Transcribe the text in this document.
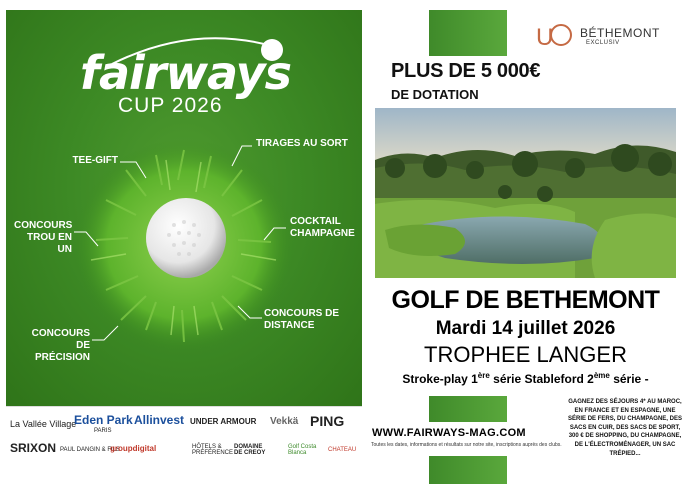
fairways
CUP 2026
TEE-GIFT
TIRAGES AU SORT
CONCOURS TROU EN UN
COCKTAIL CHAMPAGNE
CONCOURS DE PRÉCISION
CONCOURS DE DISTANCE
La Vallée Village
Eden Park
PARIS
Allinvest UNDER ARMOUR Vekkä PING
SRIXON PAUL DANGIN & FILS
groupdigital	HÔTELS & PRÉFÉRENCE
DOMAINE DE CREOY
Golf Costa Blanca	CHATEAU
U BÉTHEMONT
EXCLUSIV
PLUS DE 5 000€
DE DOTATION
GOLF DE BETHEMONT
Mardi 14 juillet 2026
TROPHEE LANGER
Stroke-play 1ère série Stableford 2ème série -
WWW.FAIRWAYS-MAG.COM
Toutes les dates, informations et résultats sur notre site, inscriptions auprès des clubs.
GAGNEZ DES SÉJOURS 4* AU MAROC, EN FRANCE ET EN ESPAGNE, UNE SÉRIE DE FERS, DU CHAMPAGNE, DES SACS EN CUIR, DES SACS DE SPORT, 300 € DE SHOPPING, DU CHAMPAGNE, DE L'ÉLECTROMÉNAGER, UN SAC TRÉPIED...
